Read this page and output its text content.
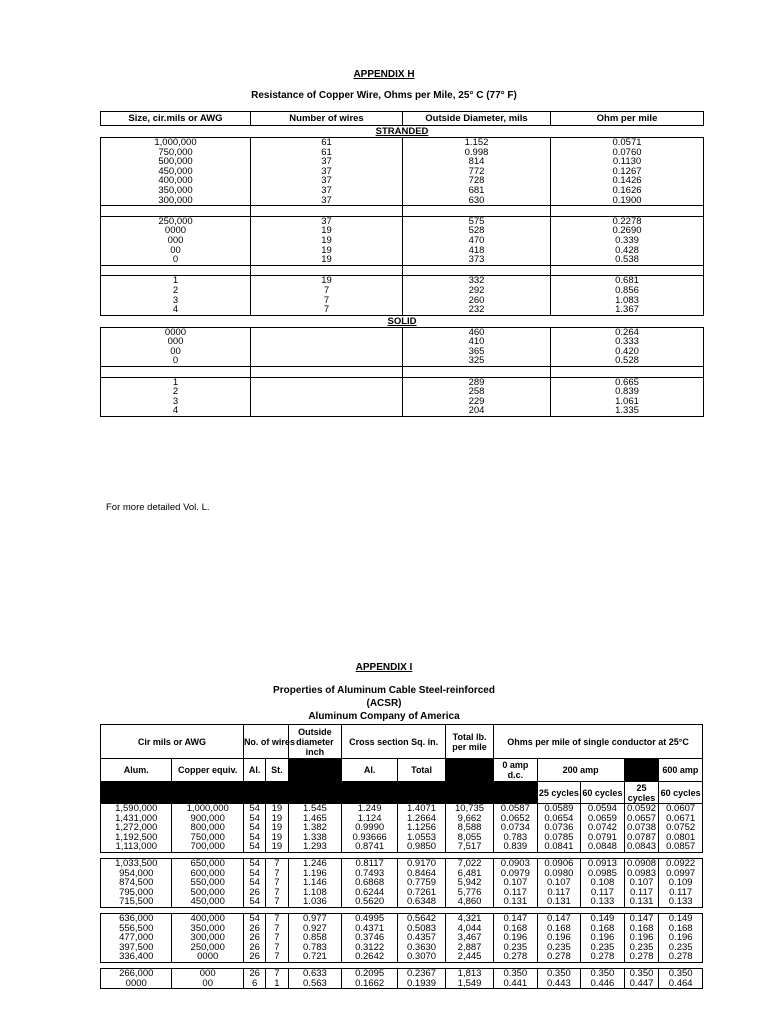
APPENDIX H
Resistance of Copper Wire, Ohms per Mile, 25° C (77° F)
Size, cir.mils or AWG	Number of wires	Outside Diameter, mils	Ohm per mile
STRANDED			
1,000,000	61	1.152	0.0571
750,000	61	0.998	0.0760
500,000	37	814	0.1130
450,000	37	772	0.1267
400,000	37	728	0.1426
350,000	37	681	0.1626
300,000	37	630	0.1900

250,000	37	575	0.2278
0000	19	528	0.2690
000	19	470	0.339
00	19	418	0.428
0	19	373	0.538

1	19	332	0.681
2	7	292	0.856
3	7	260	1.083
4	7	232	1.367
SOLID			
0000		460	0.264
000		410	0.333
00		365	0.420
0		325	0.528

1		289	0.665
2		258	0.839
3		229	1.061
4		204	1.335
For more detailed Vol. L.
APPENDIX I
Properties of Aluminum Cable Steel-reinforced
(ACSR)
Aluminum Company of America
Cir mils or AWG		No. of wires		Outside diameter inch	Cross section Sq. in.		Total lb. per mile	Ohms per mile of single conductor at 25°C				
Alum.	Copper equiv.	Al.	St.		Al.	Total		0 amp d.c.	200 amp			600 amp
									25 cycles	60 cycles	25 cycles	60 cycles
1,590,000	1,000,000	54	19	1.545	1.249	1.4071	10,735	0.0587	0.0589	0.0594	0.0592	0.0607
1,431,000	900,000	54	19	1.465	1.124	1.2664	9,662	0.0652	0.0654	0.0659	0.0657	0.0671
1,272,000	800,000	54	19	1.382	0.9990	1.1256	8,588	0.0734	0.0736	0.0742	0.0738	0.0752
1,192,500	750,000	54	19	1.338	0.93666	1.0553	8,055	0.783	0.0785	0.0791	0.0787	0.0801
1,113,000	700,000	54	19	1.293	0.8741	0.9850	7,517	0.839	0.0841	0.0848	0.0843	0.0857

1,033,500	650,000	54	7	1.246	0.8117	0.9170	7,022	0.0903	0.0906	0.0913	0.0908	0.0922
954,000	600,000	54	7	1.196	0.7493	0.8464	6,481	0.0979	0.0980	0.0985	0.0983	0.0997
874,500	550,000	54	7	1.146	0.6868	0.7759	5,942	0.107	0.107	0.108	0.107	0.109
795,000	500,000	26	7	1.108	0.6244	0.7261	5,776	0.117	0.117	0.117	0.117	0.117
715,500	450,000	54	7	1.036	0.5620	0.6348	4,860	0.131	0.131	0.133	0.131	0.133

636,000	400,000	54	7	0.977	0.4995	0.5642	4,321	0.147	0.147	0.149	0.147	0.149
556,500	350,000	26	7	0.927	0.4371	0.5083	4,044	0.168	0.168	0.168	0.168	0.168
477,000	300,000	26	7	0.858	0.3746	0.4357	3,467	0.196	0.196	0.196	0.196	0.196
397,500	250,000	26	7	0.783	0.3122	0.3630	2,887	0.235	0.235	0.235	0.235	0.235
336,400	0000	26	7	0.721	0.2642	0.3070	2,445	0.278	0.278	0.278	0.278	0.278

266,000	000	26	7	0.633	0.2095	0.2367	1,813	0.350	0.350	0.350	0.350	0.350
0000	00	6	1	0.563	0.1662	0.1939	1,549	0.441	0.443	0.446	0.447	0.464
